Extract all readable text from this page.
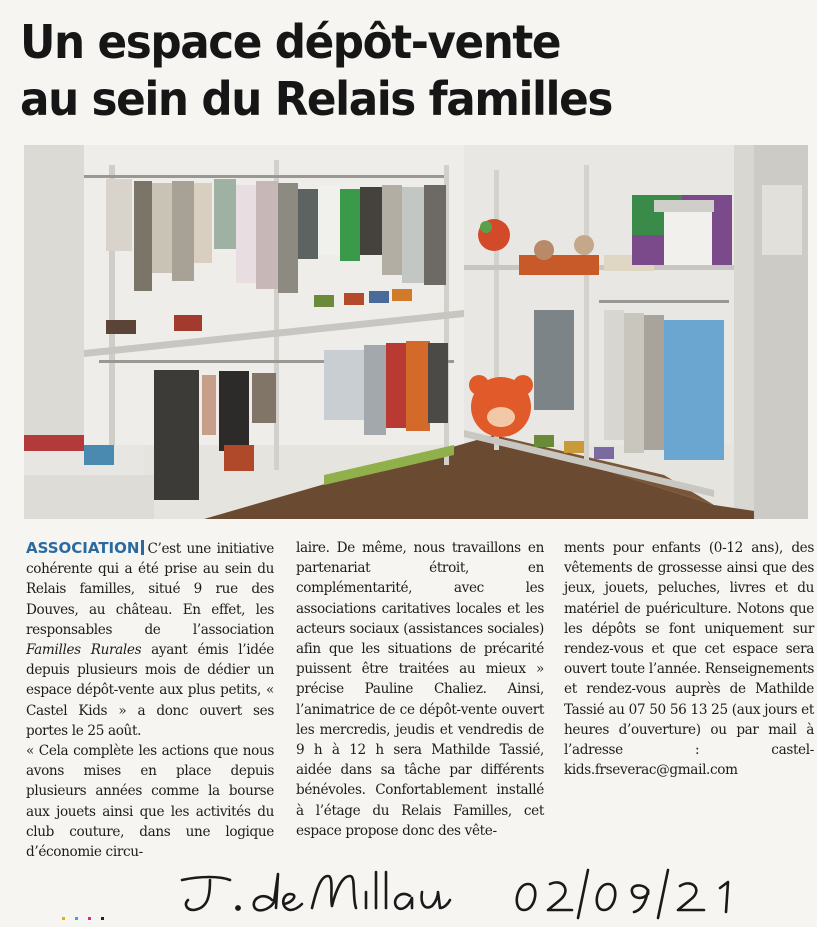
Un espace dépôt-vente
au sein du Relais familles
ASSOCIATION C’est une initiative cohérente qui a été prise au sein du Relais familles, situé 9 rue des Douves, au château. En effet, les responsables de l’association Familles Rurales ayant émis l’idée depuis plusieurs mois de dédier un espace dépôt-vente aux plus petits, « Castel Kids » a donc ouvert ses portes le 25 août.
« Cela complète les actions que nous avons mises en place depuis plusieurs années comme la bourse aux jouets ainsi que les activités du club couture, dans une logique d’économie circu-
laire. De même, nous travaillons en partenariat étroit, en complémentarité, avec les associations caritatives locales et les acteurs sociaux (assistances sociales) afin que les situations de précarité puissent être traitées au mieux » précise Pauline Chaliez. Ainsi, l’animatrice de ce dépôt-vente ouvert les mercredis, jeudis et vendredis de 9 h à 12 h sera Mathilde Tassié, aidée dans sa tâche par différents bénévoles. Confortablement installé à l’étage du Relais Familles, cet espace propose donc des vête-
ments pour enfants (0-12 ans), des vêtements de grossesse ainsi que des jeux, jouets, peluches, livres et du matériel de puériculture. Notons que les dépôts se font uniquement sur rendez-vous et que cet espace sera ouvert toute l’année. Renseignements et rendez-vous auprès de Mathilde Tassié au 07 50 56 13 25 (aux jours et heures d’ouverture) ou par mail à l’adresse : castel-kids.frseverac@gmail.com
